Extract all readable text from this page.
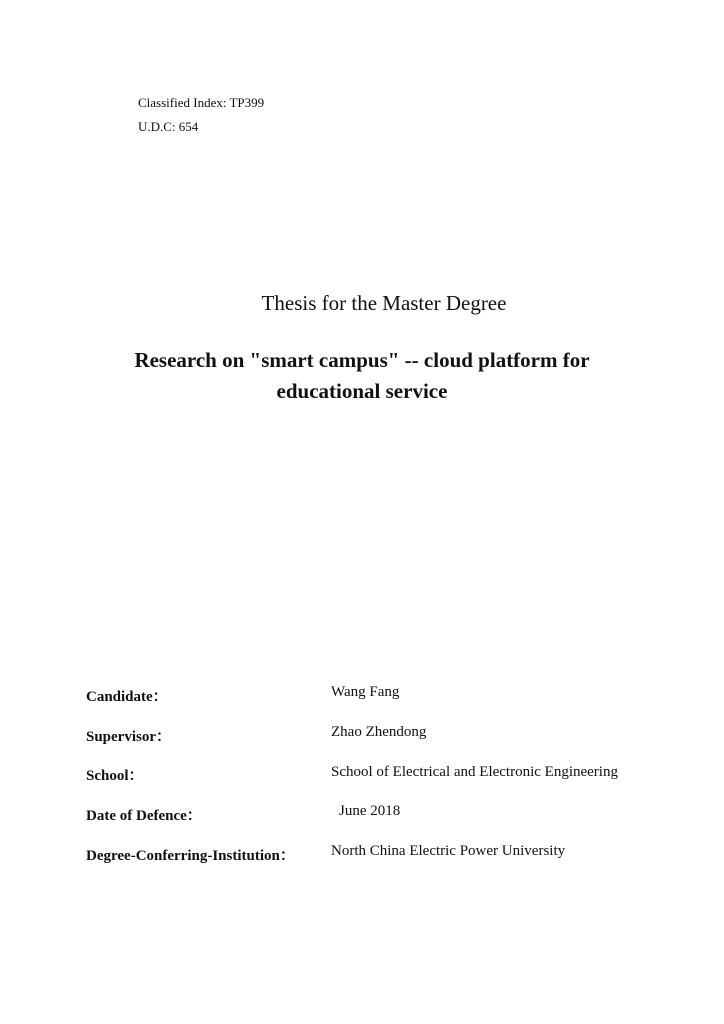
Classified Index: TP399
U.D.C: 654
Thesis for the Master Degree
Research on "smart campus" -- cloud platform for
educational service
Candidate：	Wang Fang
Supervisor：	Zhao Zhendong
School：	School of Electrical and Electronic Engineering
Date of Defence：	June 2018
Degree-Conferring-Institution： North China Electric Power University
